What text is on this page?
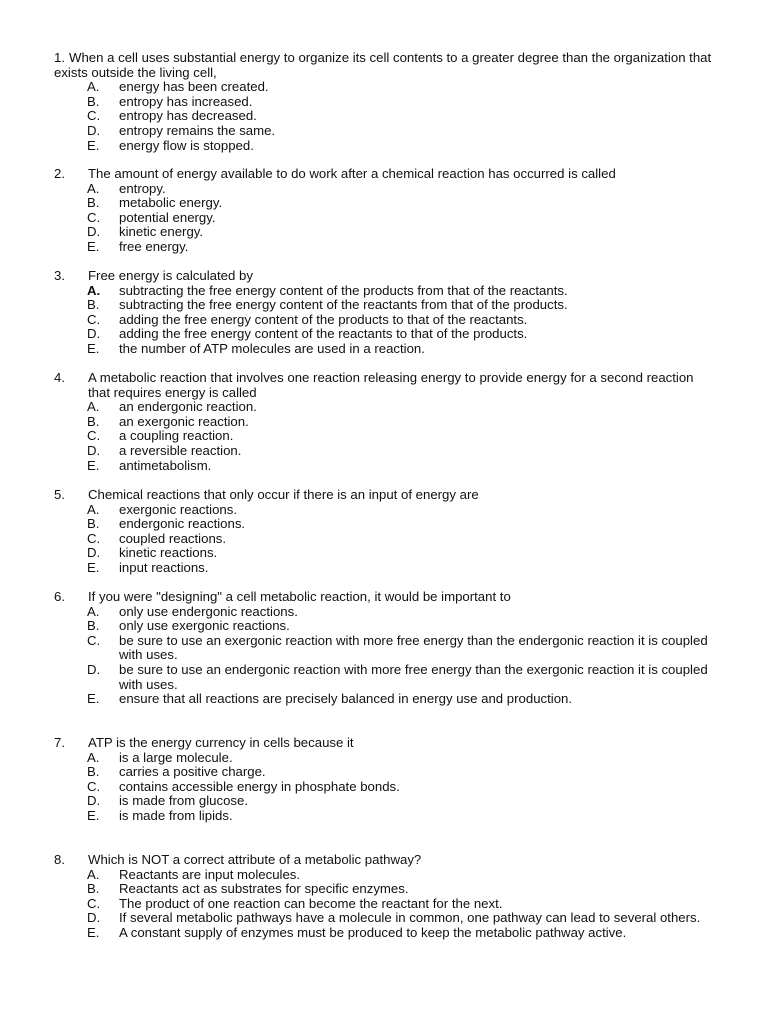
1. When a cell uses substantial energy to organize its cell contents to a greater degree than the organization that exists outside the living cell,
A. energy has been created.
B. entropy has increased.
C. entropy has decreased.
D. entropy remains the same.
E. energy flow is stopped.
2. The amount of energy available to do work after a chemical reaction has occurred is called
A. entropy.
B. metabolic energy.
C. potential energy.
D. kinetic energy.
E. free energy.
3. Free energy is calculated by
A. subtracting the free energy content of the products from that of the reactants.
B. subtracting the free energy content of the reactants from that of the products.
C. adding the free energy content of the products to that of the reactants.
D. adding the free energy content of the reactants to that of the products.
E. the number of ATP molecules are used in a reaction.
4. A metabolic reaction that involves one reaction releasing energy to provide energy for a second reaction that requires energy is called
A. an endergonic reaction.
B. an exergonic reaction.
C. a coupling reaction.
D. a reversible reaction.
E. antimetabolism.
5. Chemical reactions that only occur if there is an input of energy are
A. exergonic reactions.
B. endergonic reactions.
C. coupled reactions.
D. kinetic reactions.
E. input reactions.
6. If you were "designing" a cell metabolic reaction, it would be important to
A. only use endergonic reactions.
B. only use exergonic reactions.
C. be sure to use an exergonic reaction with more free energy than the endergonic reaction it is coupled with uses.
D. be sure to use an endergonic reaction with more free energy than the exergonic reaction it is coupled with uses.
E. ensure that all reactions are precisely balanced in energy use and production.
7. ATP is the energy currency in cells because it
A. is a large molecule.
B. carries a positive charge.
C. contains accessible energy in phosphate bonds.
D. is made from glucose.
E. is made from lipids.
8. Which is NOT a correct attribute of a metabolic pathway?
A. Reactants are input molecules.
B. Reactants act as substrates for specific enzymes.
C. The product of one reaction can become the reactant for the next.
D. If several metabolic pathways have a molecule in common, one pathway can lead to several others.
E. A constant supply of enzymes must be produced to keep the metabolic pathway active.
